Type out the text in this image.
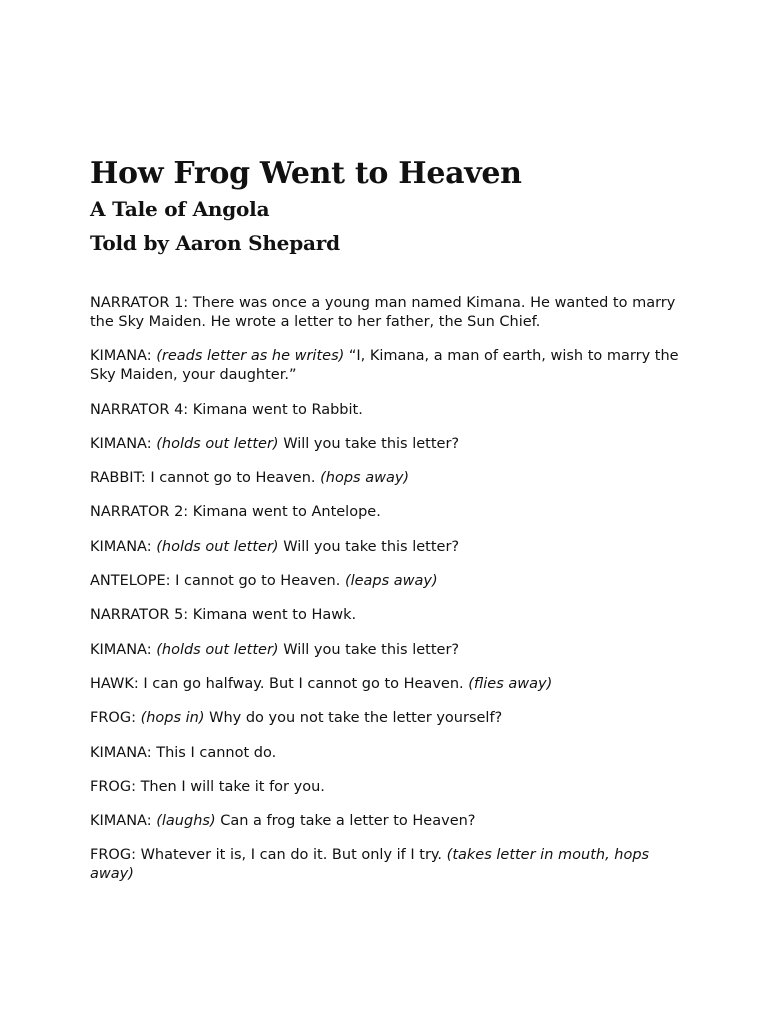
How Frog Went to Heaven
A Tale of Angola
Told by Aaron Shepard

NARRATOR 1: There was once a young man named Kimana. He wanted to marry the Sky Maiden. He wrote a letter to her father, the Sun Chief.

KIMANA: (reads letter as he writes) “I, Kimana, a man of earth, wish to marry the Sky Maiden, your daughter.”

NARRATOR 4: Kimana went to Rabbit.

KIMANA: (holds out letter) Will you take this letter?

RABBIT: I cannot go to Heaven. (hops away)

NARRATOR 2: Kimana went to Antelope.

KIMANA: (holds out letter) Will you take this letter?

ANTELOPE: I cannot go to Heaven. (leaps away)

NARRATOR 5: Kimana went to Hawk.

KIMANA: (holds out letter) Will you take this letter?

HAWK: I can go halfway. But I cannot go to Heaven. (flies away)

FROG: (hops in) Why do you not take the letter yourself?

KIMANA: This I cannot do.

FROG: Then I will take it for you.

KIMANA: (laughs) Can a frog take a letter to Heaven?

FROG: Whatever it is, I can do it. But only if I try. (takes letter in mouth, hops away)
